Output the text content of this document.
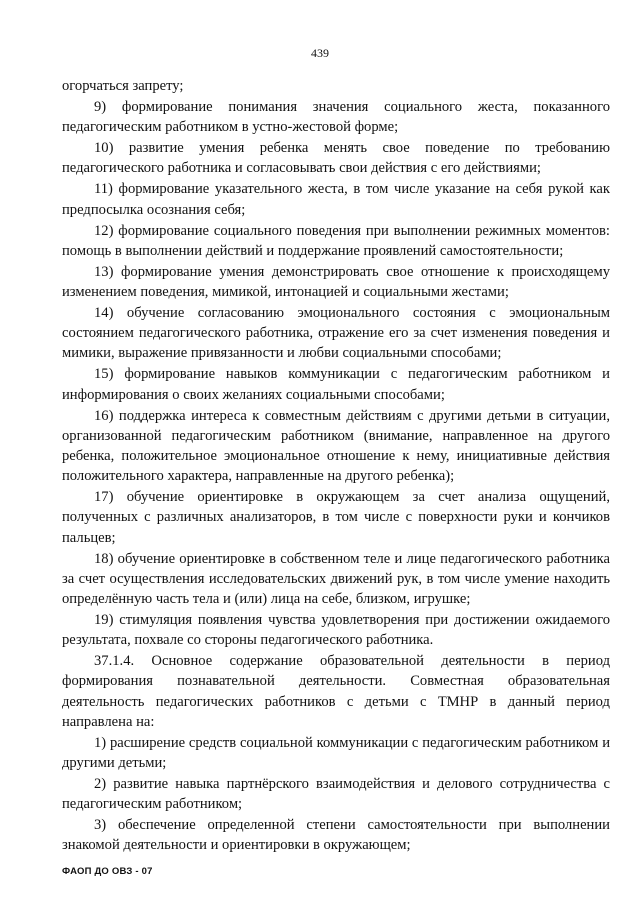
439

огорчаться запрету;

9) формирование понимания значения социального жеста, показанного педагогическим работником в устно-жестовой форме;

10) развитие умения ребенка менять свое поведение по требованию педагогического работника и согласовывать свои действия с его действиями;

11) формирование указательного жеста, в том числе указание на себя рукой как предпосылка осознания себя;

12) формирование социального поведения при выполнении режимных моментов: помощь в выполнении действий и поддержание проявлений самостоятельности;

13) формирование умения демонстрировать свое отношение к происходящему изменением поведения, мимикой, интонацией и социальными жестами;

14) обучение согласованию эмоционального состояния с эмоциональным состоянием педагогического работника, отражение его за счет изменения поведения и мимики, выражение привязанности и любви социальными способами;

15) формирование навыков коммуникации с педагогическим работником и информирования о своих желаниях социальными способами;

16) поддержка интереса к совместным действиям с другими детьми в ситуации, организованной педагогическим работником (внимание, направленное на другого ребенка, положительное эмоциональное отношение к нему, инициативные действия положительного характера, направленные на другого ребенка);

17) обучение ориентировке в окружающем за счет анализа ощущений, полученных с различных анализаторов, в том числе с поверхности руки и кончиков пальцев;

18) обучение ориентировке в собственном теле и лице педагогического работника за счет осуществления исследовательских движений рук, в том числе умение находить определённую часть тела и (или) лица на себе, близком, игрушке;

19) стимуляция появления чувства удовлетворения при достижении ожидаемого результата, похвале со стороны педагогического работника.

37.1.4. Основное содержание образовательной деятельности в период формирования познавательной деятельности. Совместная образовательная деятельность педагогических работников с детьми с ТМНР в данный период направлена на:

1) расширение средств социальной коммуникации с педагогическим работником и другими детьми;

2) развитие навыка партнёрского взаимодействия и делового сотрудничества с педагогическим работником;

3) обеспечение определенной степени самостоятельности при выполнении знакомой деятельности и ориентировки в окружающем;

ФАОП ДО ОВЗ - 07
